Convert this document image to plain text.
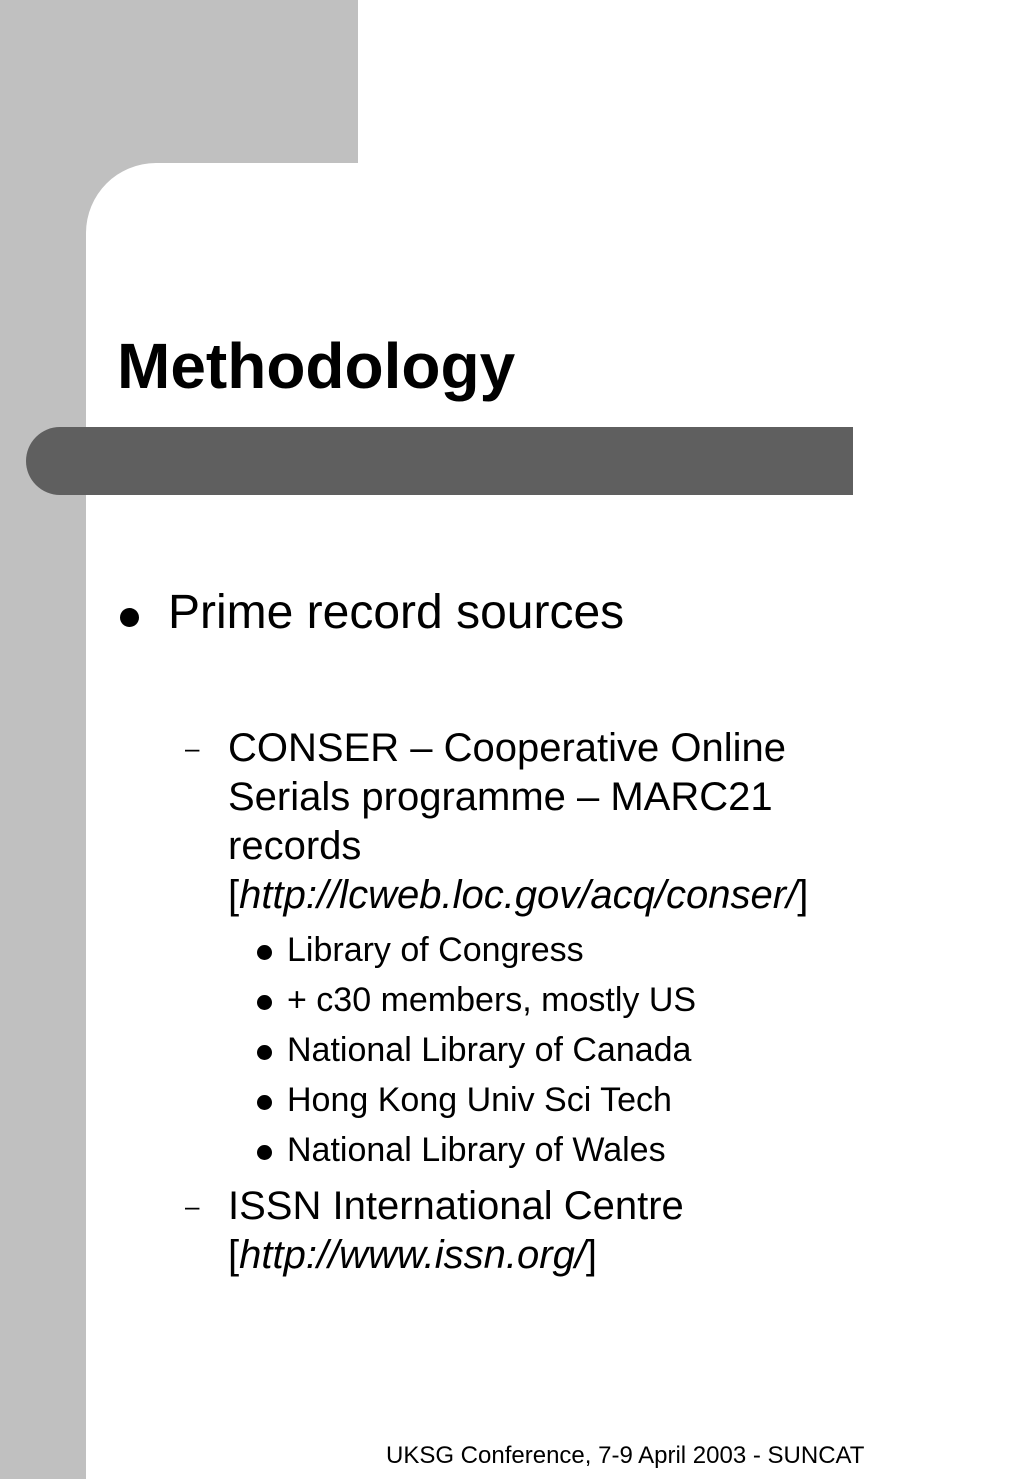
Methodology
Prime record sources
– CONSER – Cooperative Online
Serials programme – MARC21
records
[http://lcweb.loc.gov/acq/conser/]
Library of Congress
+ c30 members, mostly US
National Library of Canada
Hong Kong Univ Sci Tech
National Library of Wales
– ISSN International Centre
[http://www.issn.org/]
UKSG Conference, 7-9 April 2003 - SUNCAT
